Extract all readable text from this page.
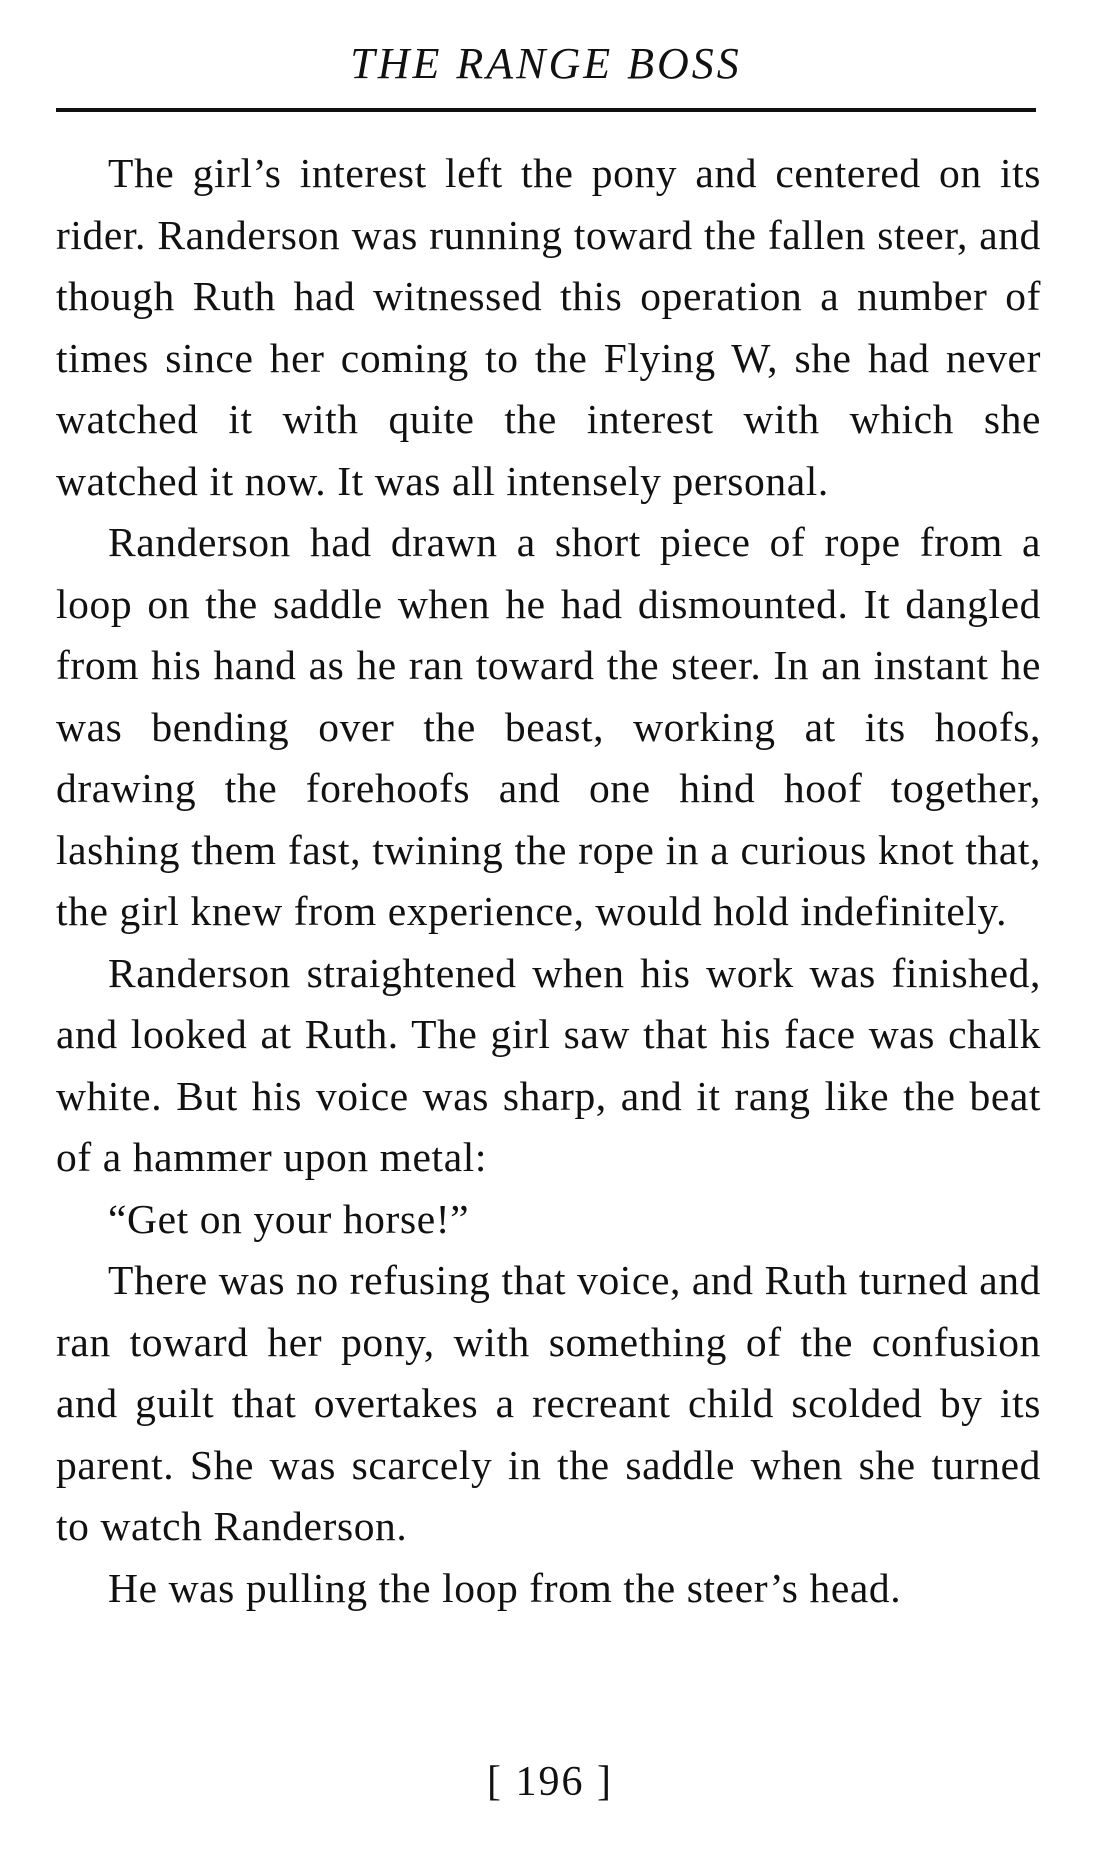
THE RANGE BOSS

The girl’s interest left the pony and centered on its rider. Randerson was running toward the fallen steer, and though Ruth had witnessed this operation a number of times since her coming to the Flying W, she had never watched it with quite the interest with which she watched it now. It was all intensely personal.

Randerson had drawn a short piece of rope from a loop on the saddle when he had dismounted. It dangled from his hand as he ran toward the steer. In an instant he was bending over the beast, working at its hoofs, drawing the forehoofs and one hind hoof together, lashing them fast, twining the rope in a curious knot that, the girl knew from experience, would hold indefinitely.

Randerson straightened when his work was finished, and looked at Ruth. The girl saw that his face was chalk white. But his voice was sharp, and it rang like the beat of a hammer upon metal:

“Get on your horse!”

There was no refusing that voice, and Ruth turned and ran toward her pony, with something of the confusion and guilt that overtakes a recreant child scolded by its parent. She was scarcely in the saddle when she turned to watch Randerson.

He was pulling the loop from the steer’s head.

[ 196 ]
